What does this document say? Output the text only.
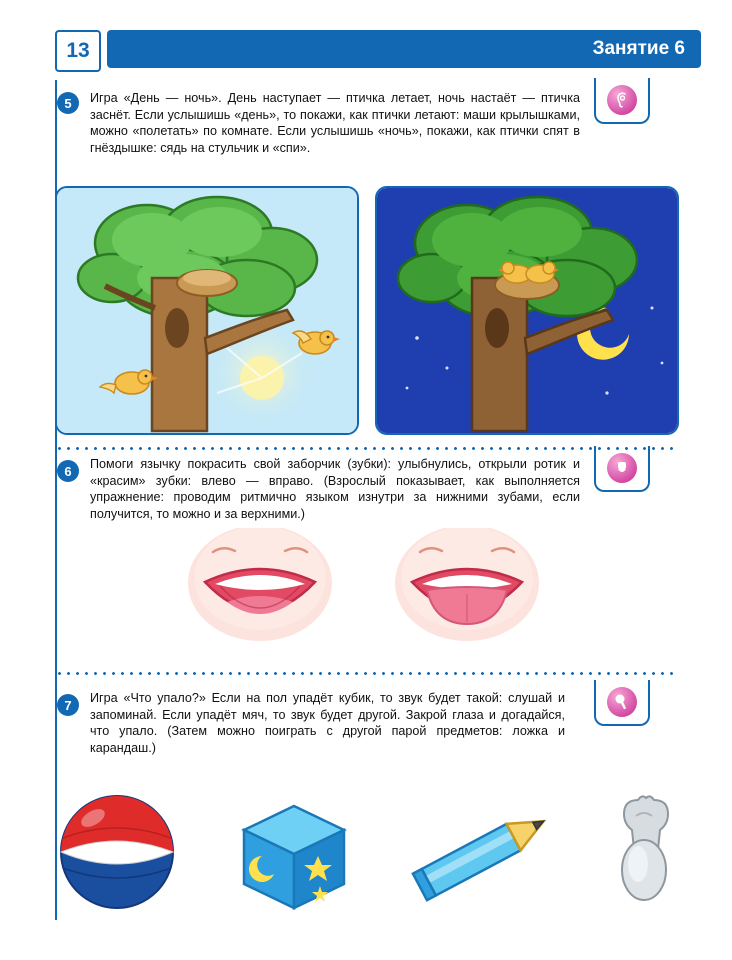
13	Занятие 6
5	Игра «День — ночь». День наступает — птичка летает, ночь настаёт — птичка заснёт. Если услышишь «день», то покажи, как птички летают: маши крылышками, можно «полетать» по комнате. Если услышишь «ночь», покажи, как птички спят в гнёздышке: сядь на стульчик и «спи».
6	Помоги язычку покрасить свой заборчик (зубки): улыбнулись, открыли ротик и «красим» зубки: влево — вправо. (Взрослый показывает, как выполняется упражнение: проводим ритмично языком изнутри за нижними зубами, если получится, то можно и за верхними.)
7	Игра «Что упало?» Если на пол упадёт кубик, то звук будет такой: слушай и запоминай. Если упадёт мяч, то звук будет другой. Закрой глаза и догадайся, что упало. (Затем можно поиграть с другой парой предметов: ложка и карандаш.)
